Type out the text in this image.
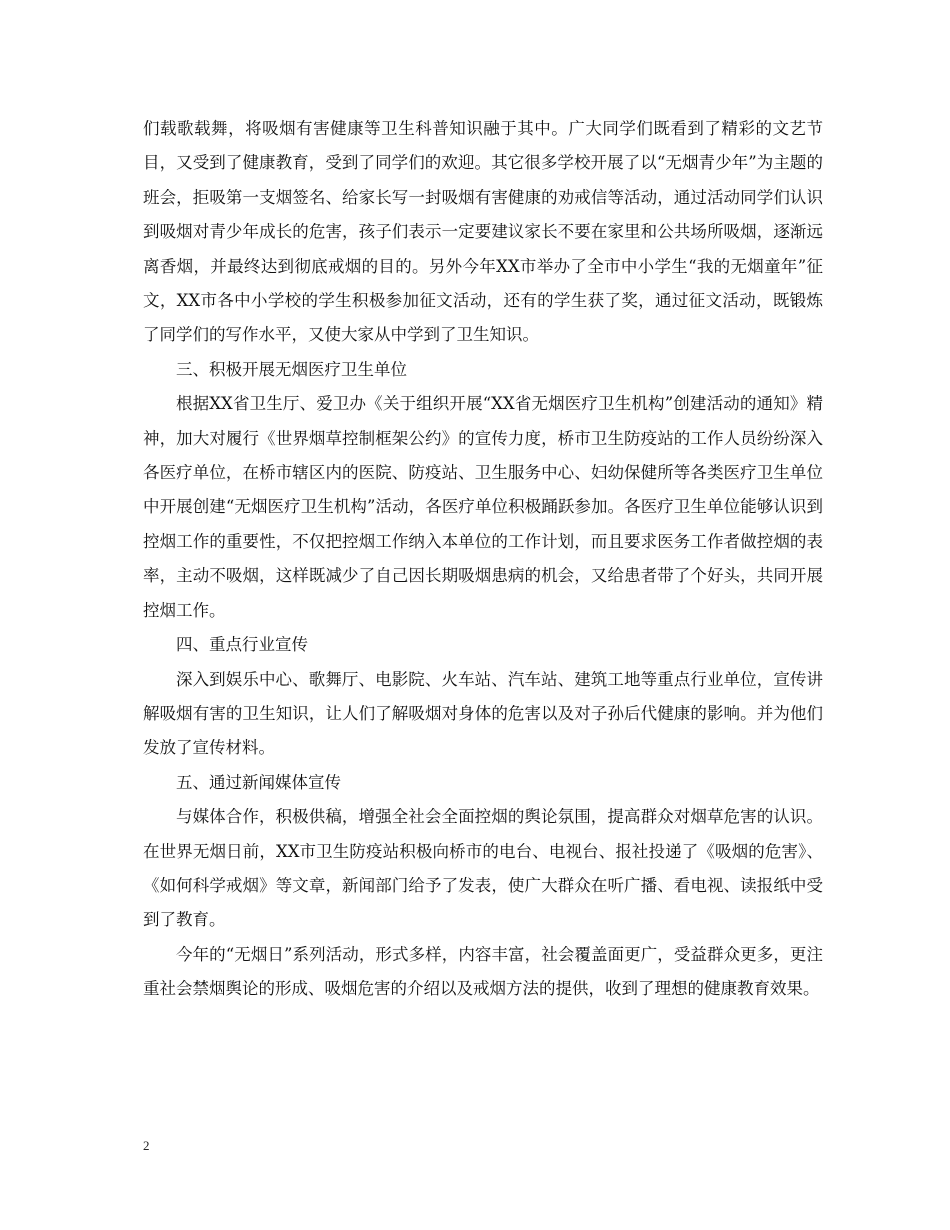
们载歌载舞，将吸烟有害健康等卫生科普知识融于其中。广大同学们既看到了精彩的文艺节目，又受到了健康教育，受到了同学们的欢迎。其它很多学校开展了以“无烟青少年”为主题的班会，拒吸第一支烟签名、给家长写一封吸烟有害健康的劝戒信等活动，通过活动同学们认识到吸烟对青少年成长的危害，孩子们表示一定要建议家长不要在家里和公共场所吸烟，逐渐远离香烟，并最终达到彻底戒烟的目的。另外今年XX市举办了全市中小学生“我的无烟童年”征文，XX市各中小学校的学生积极参加征文活动，还有的学生获了奖，通过征文活动，既锻炼了同学们的写作水平，又使大家从中学到了卫生知识。

三、积极开展无烟医疗卫生单位

根据XX省卫生厅、爱卫办《关于组织开展“XX省无烟医疗卫生机构”创建活动的通知》精神，加大对履行《世界烟草控制框架公约》的宣传力度，桥市卫生防疫站的工作人员纷纷深入各医疗单位，在桥市辖区内的医院、防疫站、卫生服务中心、妇幼保健所等各类医疗卫生单位中开展创建“无烟医疗卫生机构”活动，各医疗单位积极踊跃参加。各医疗卫生单位能够认识到控烟工作的重要性，不仅把控烟工作纳入本单位的工作计划，而且要求医务工作者做控烟的表率，主动不吸烟，这样既减少了自己因长期吸烟患病的机会，又给患者带了个好头，共同开展控烟工作。

四、重点行业宣传

深入到娱乐中心、歌舞厅、电影院、火车站、汽车站、建筑工地等重点行业单位，宣传讲解吸烟有害的卫生知识，让人们了解吸烟对身体的危害以及对子孙后代健康的影响。并为他们发放了宣传材料。

五、通过新闻媒体宣传

与媒体合作，积极供稿，增强全社会全面控烟的舆论氛围，提高群众对烟草危害的认识。在世界无烟日前，XX市卫生防疫站积极向桥市的电台、电视台、报社投递了《吸烟的危害》、《如何科学戒烟》等文章，新闻部门给予了发表，使广大群众在听广播、看电视、读报纸中受到了教育。

今年的“无烟日”系列活动，形式多样，内容丰富，社会覆盖面更广，受益群众更多，更注重社会禁烟舆论的形成、吸烟危害的介绍以及戒烟方法的提供，收到了理想的健康教育效果。

2
